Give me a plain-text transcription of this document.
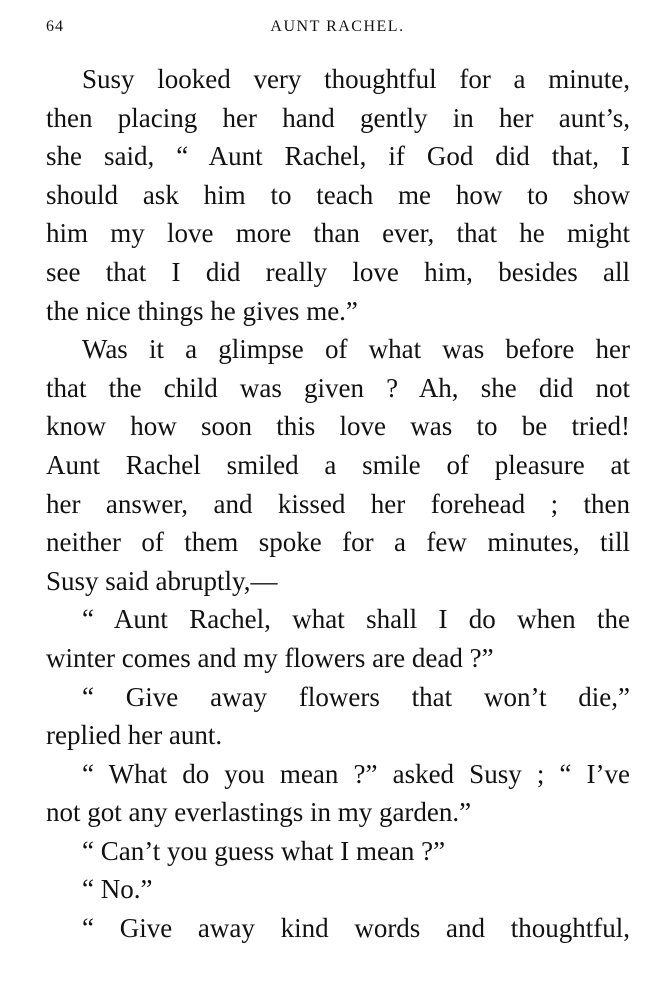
64	AUNT RACHEL.
Susy looked very thoughtful for a minute,
then placing her hand gently in her aunt’s,
she said, “ Aunt Rachel, if God did that, I
should ask him to teach me how to show
him my love more than ever, that he might
see that I did really love him, besides all
the nice things he gives me.”
Was it a glimpse of what was before her
that the child was given ? Ah, she did not
know how soon this love was to be tried!
Aunt Rachel smiled a smile of pleasure at
her answer, and kissed her forehead ; then
neither of them spoke for a few minutes, till
Susy said abruptly,—
“ Aunt Rachel, what shall I do when the
winter comes and my flowers are dead ?”
“ Give away flowers that won’t die,”
replied her aunt.
“ What do you mean ?” asked Susy ; “ I’ve
not got any everlastings in my garden.”
“ Can’t you guess what I mean ?”
“ No.”
“ Give away kind words and thoughtful,
